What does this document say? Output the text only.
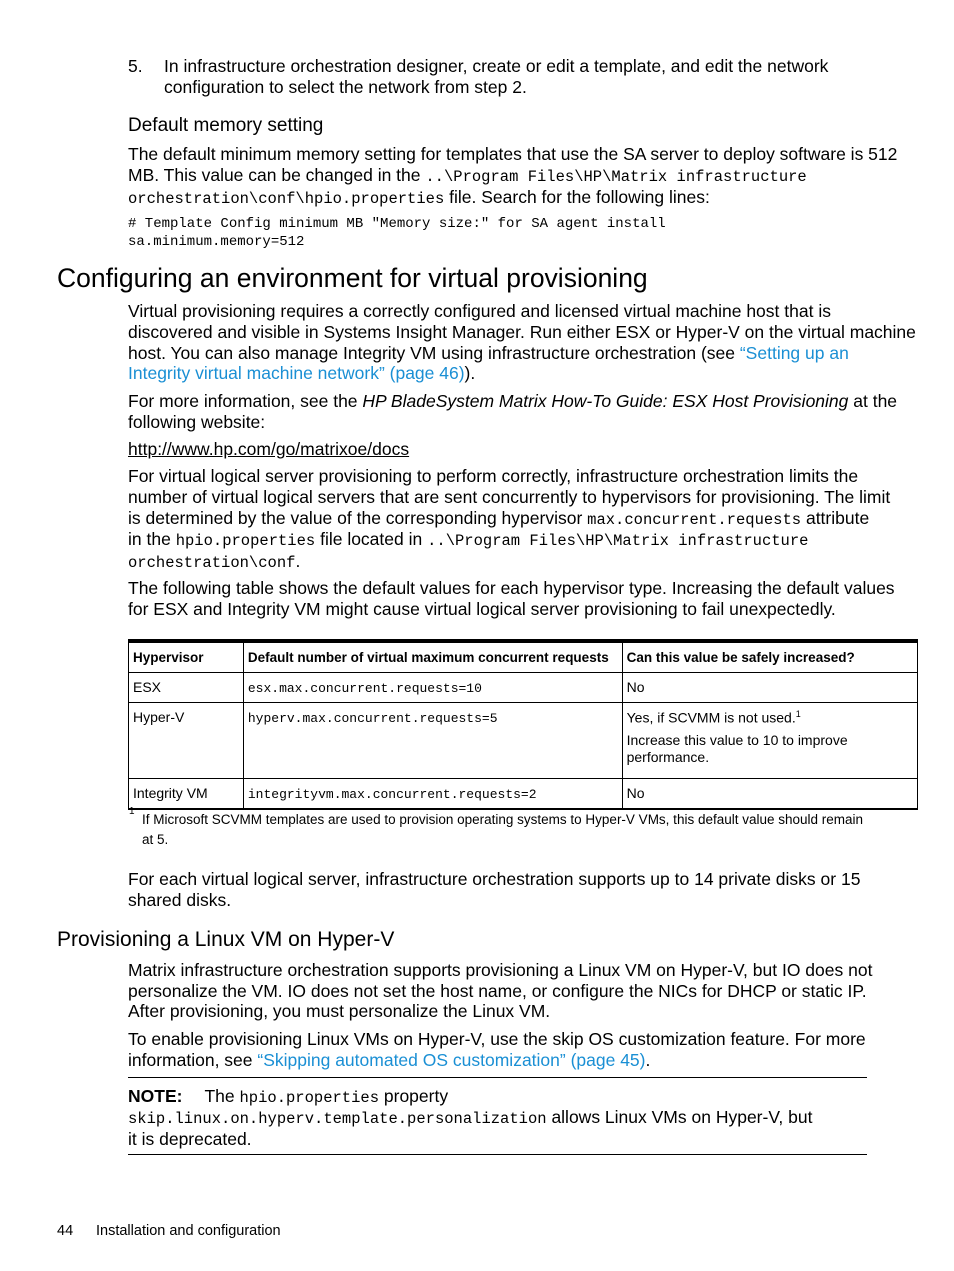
5. In infrastructure orchestration designer, create or edit a template, and edit the network
configuration to select the network from step 2.
Default memory setting
The default minimum memory setting for templates that use the SA server to deploy software is 512
MB. This value can be changed in the ..\Program Files\HP\Matrix infrastructure
orchestration\conf\hpio.properties file. Search for the following lines:
# Template Config minimum MB "Memory size:" for SA agent install
sa.minimum.memory=512
Configuring an environment for virtual provisioning
Virtual provisioning requires a correctly configured and licensed virtual machine host that is
discovered and visible in Systems Insight Manager. Run either ESX or Hyper-V on the virtual machine
host. You can also manage Integrity VM using infrastructure orchestration (see “Setting up an
Integrity virtual machine network” (page 46)).
For more information, see the HP BladeSystem Matrix How-To Guide: ESX Host Provisioning at the
following website:
http://www.hp.com/go/matrixoe/docs
For virtual logical server provisioning to perform correctly, infrastructure orchestration limits the
number of virtual logical servers that are sent concurrently to hypervisors for provisioning. The limit
is determined by the value of the corresponding hypervisor max.concurrent.requests attribute
in the hpio.properties file located in ..\Program Files\HP\Matrix infrastructure
orchestration\conf.
The following table shows the default values for each hypervisor type. Increasing the default values
for ESX and Integrity VM might cause virtual logical server provisioning to fail unexpectedly.
Hypervisor	Default number of virtual maximum concurrent requests	Can this value be safely increased?
ESX	esx.max.concurrent.requests=10	No
Hyper-V	hyperv.max.concurrent.requests=5	Yes, if SCVMM is not used.$^1$
Increase this value to 10 to improve
performance.

Integrity VM	integrityvm.max.concurrent.requests=2	No
1
If Microsoft SCVMM templates are used to provision operating systems to Hyper-V VMs, this default value should remain
at 5.
For each virtual logical server, infrastructure orchestration supports up to 14 private disks or 15
shared disks.
Provisioning a Linux VM on Hyper-V
Matrix infrastructure orchestration supports provisioning a Linux VM on Hyper-V, but IO does not
personalize the VM. IO does not set the host name, or configure the NICs for DHCP or static IP.
After provisioning, you must personalize the Linux VM.
To enable provisioning Linux VMs on Hyper-V, use the skip OS customization feature. For more
information, see “Skipping automated OS customization” (page 45).
NOTE: The hpio.properties property
skip.linux.on.hyperv.template.personalization allows Linux VMs on Hyper-V, but
it is deprecated.
44 Installation and configuration
